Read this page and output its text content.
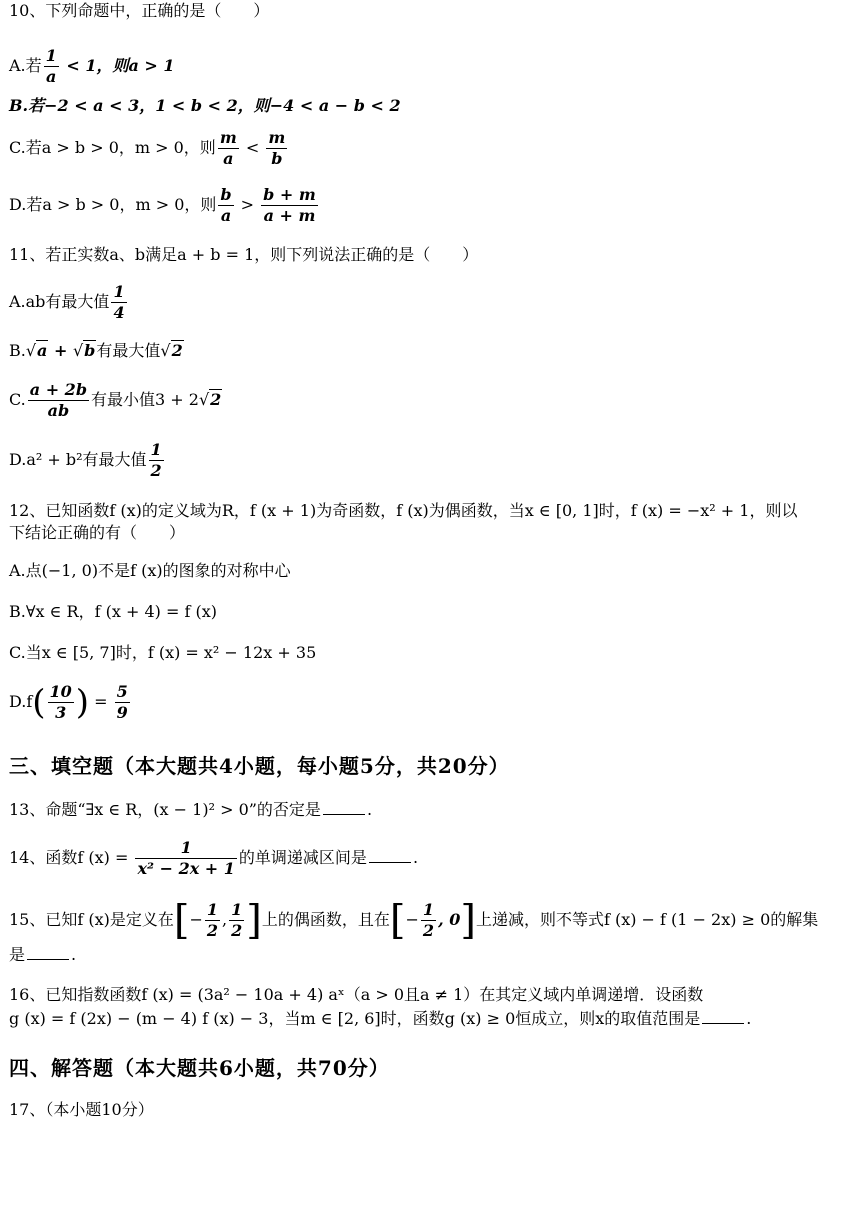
10、下列命题中，正确的是（　　）
A.若 $\frac{1}{a} < 1$，则a > 1
B.若−2 < a < 3，1 < b < 2，则−4 < a − b < 2
C.若a > b > 0，m > 0，则 $\frac{m}{a} < \frac{m}{b}$
D.若a > b > 0，m > 0，则 $\frac{b}{a} > \frac{b + m}{a + m}$
11、若正实数a、b满足a + b = 1，则下列说法正确的是（　　）
A.ab有最大值 $\frac{1}{4}$
B.√a + √b有最大值√2
C. $\frac{a + 2b}{ab}$ 有最小值3 + 2√2
D.a² + b²有最大值 $\frac{1}{2}$
12、已知函数f (x)的定义域为R，f (x + 1)为奇函数，f (x)为偶函数，当x ∈ [0, 1]时，f (x) = −x² + 1，则以
下结论正确的有（　　）
A.点(−1, 0)不是f (x)的图象的对称中心
B.∀x ∈ R，f (x + 4) = f (x)
C.当x ∈ [5, 7]时，f (x) = x² − 12x + 35
$D.f( \frac{10}{3}$ ) = $\frac{5}{9}$
三、填空题（本大题共4小题，每小题5分，共20分）
13、命题“∃x ∈ R，(x − 1)² > 0”的否定是	.
14、函数f $(x) = \frac{1}{\text{x² − 2x + 1}}$ 的单调递减区间是	.
15、已知f (x)是定义在[− $\frac{1}{2}$ , $\frac{1}{2}$ ]上的偶函数，且在[− $\frac{1}{2}$ , 0]上递减，则不等式f (x) − f (1 − 2x) ≥ 0的解集
是	.
16、已知指数函数f (x) = (3a² − 10a + 4) aˣ（a > 0且a ≠ 1）在其定义域内单调递增．设函数
g (x) = f (2x) − (m − 4) f (x) − 3，当m ∈ [2, 6]时，函数g (x) ≥ 0恒成立，则x的取值范围是	.
四、解答题（本大题共6小题，共70分）
17、（本小题10分）
